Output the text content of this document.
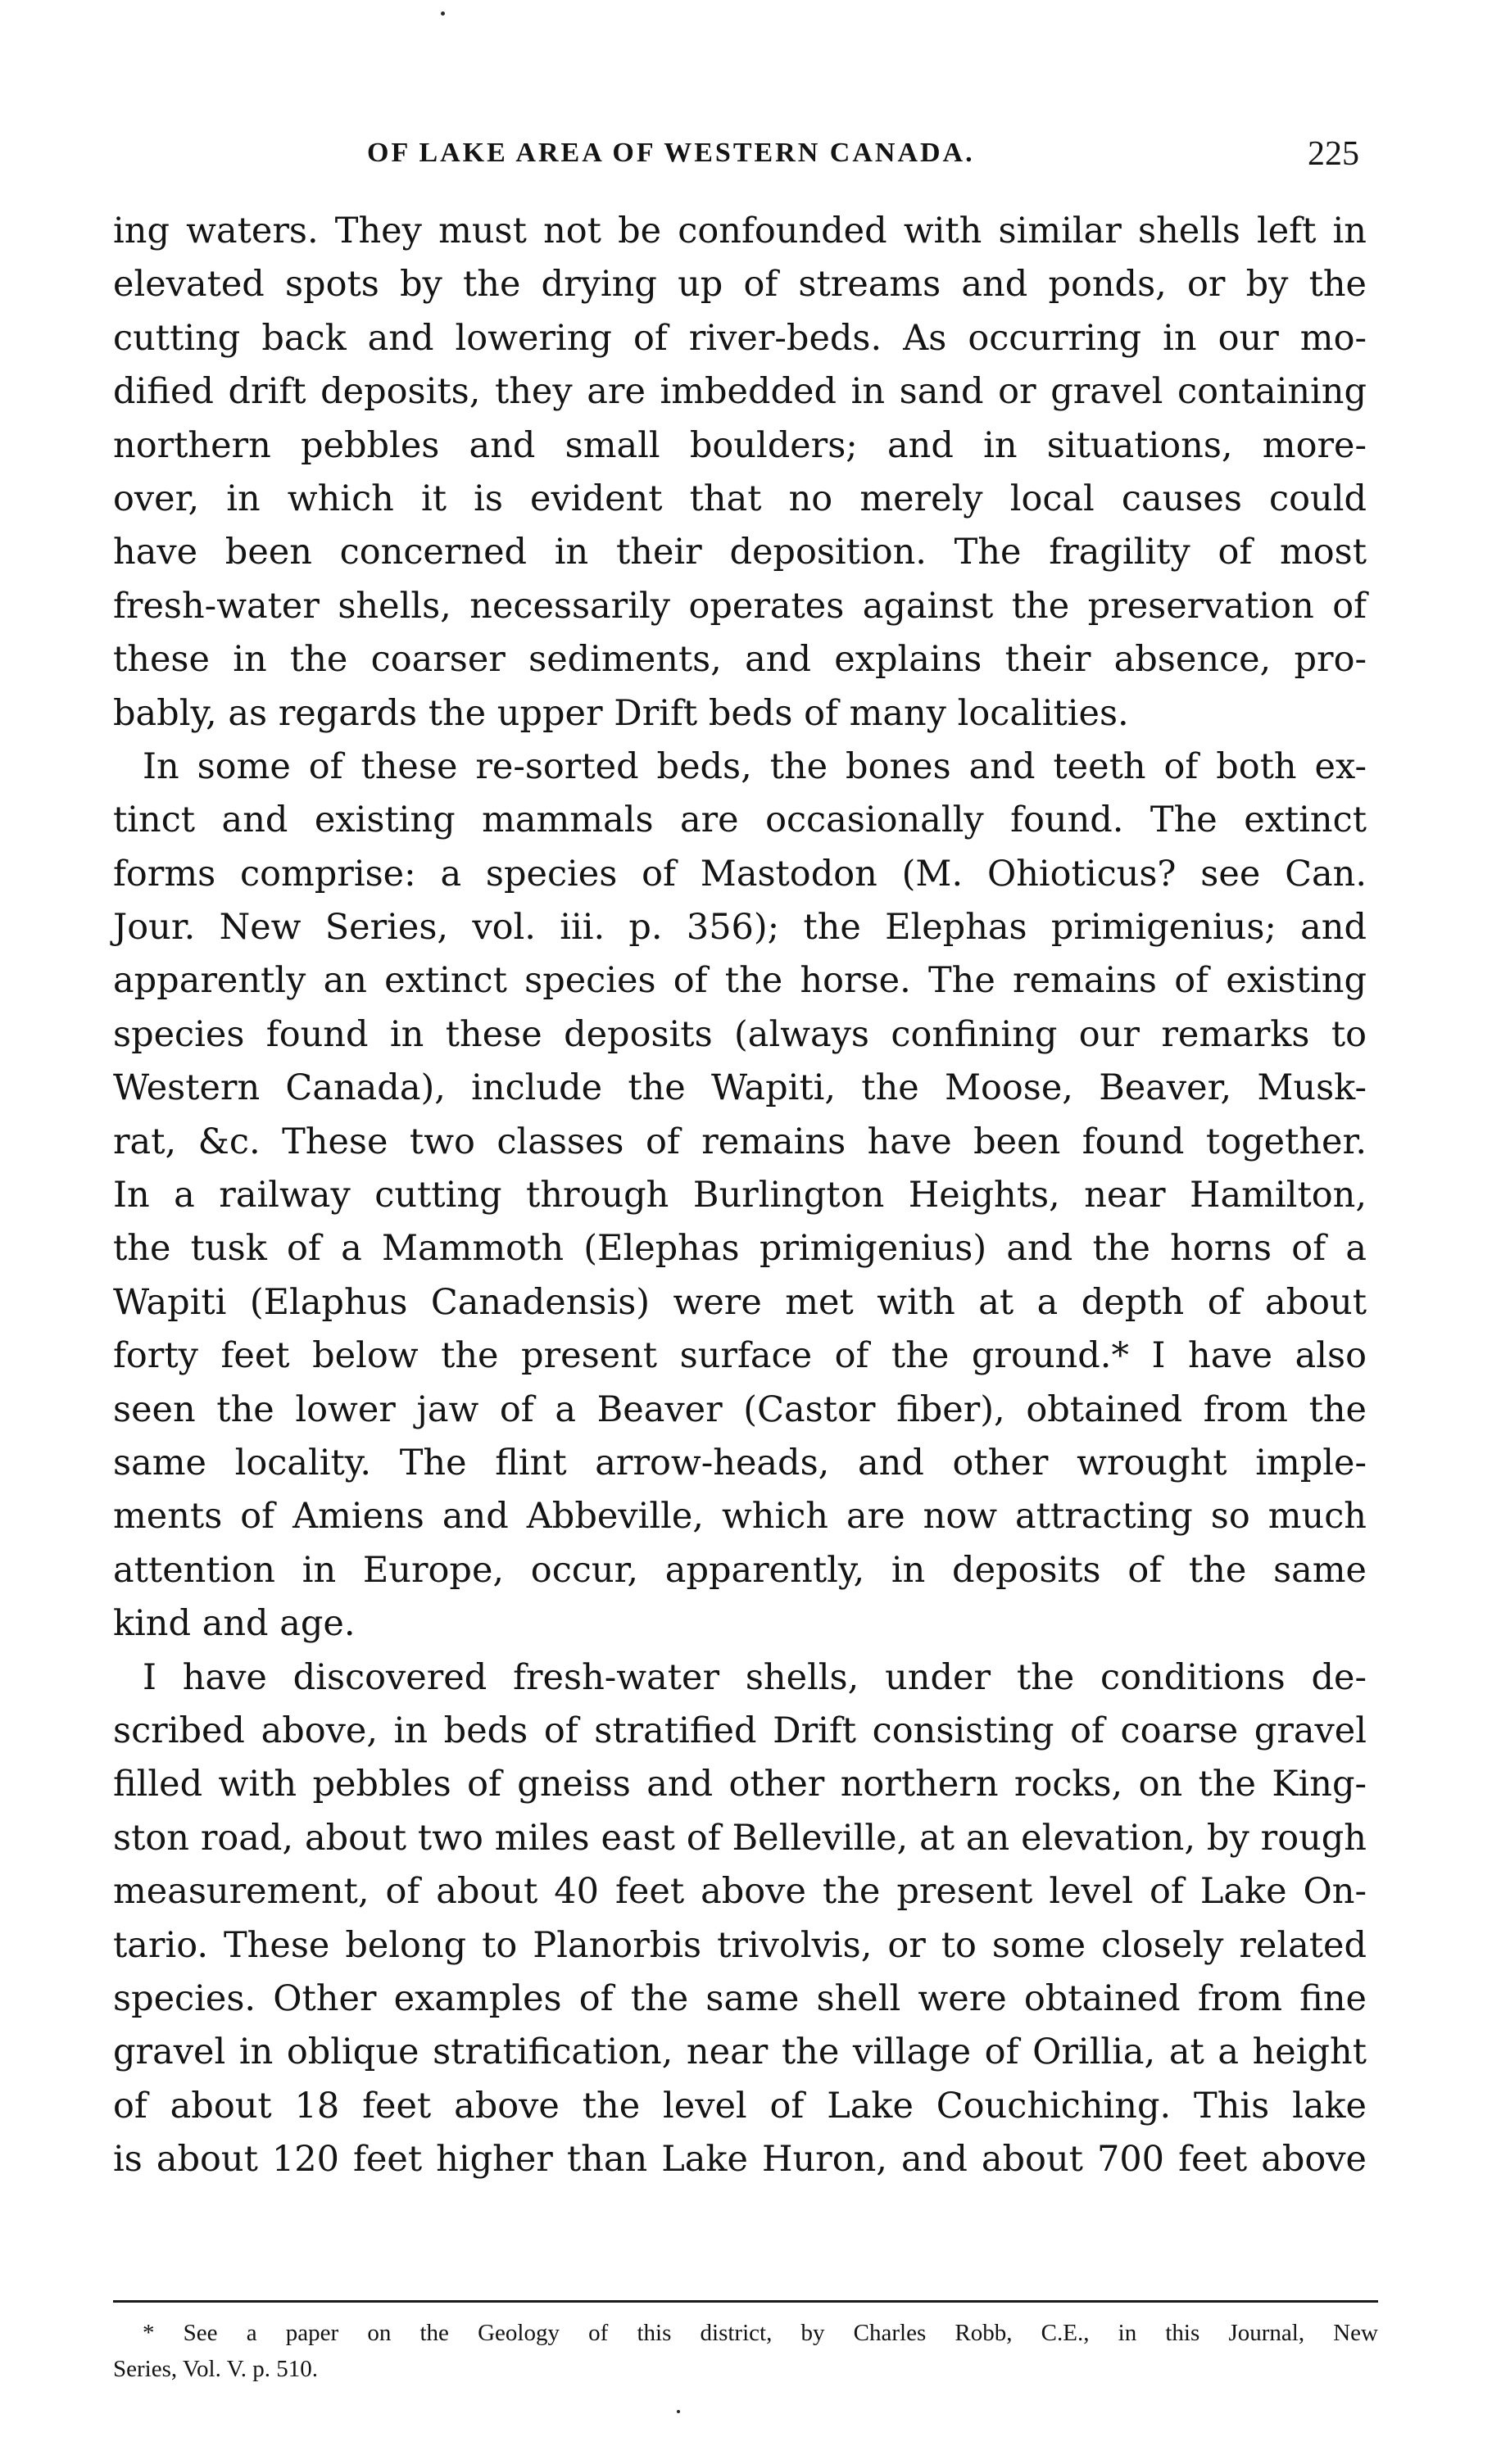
OF LAKE AREA OF WESTERN CANADA.	225
ing waters. They must not be confounded with similar shells left in
elevated spots by the drying up of streams and ponds, or by the
cutting back and lowering of river-beds. As occurring in our mo-
dified drift deposits, they are imbedded in sand or gravel containing
northern pebbles and small boulders; and in situations, more-
over, in which it is evident that no merely local causes could
have been concerned in their deposition. The fragility of most
fresh-water shells, necessarily operates against the preservation of
these in the coarser sediments, and explains their absence, pro-
bably, as regards the upper Drift beds of many localities.
In some of these re-sorted beds, the bones and teeth of both ex-
tinct and existing mammals are occasionally found. The extinct
forms comprise: a species of Mastodon (M. Ohioticus? see Can.
Jour. New Series, vol. iii. p. 356); the Elephas primigenius; and
apparently an extinct species of the horse. The remains of existing
species found in these deposits (always confining our remarks to
Western Canada), include the Wapiti, the Moose, Beaver, Musk-
rat, &c. These two classes of remains have been found together.
In a railway cutting through Burlington Heights, near Hamilton,
the tusk of a Mammoth (Elephas primigenius) and the horns of a
Wapiti (Elaphus Canadensis) were met with at a depth of about
forty feet below the present surface of the ground.* I have also
seen the lower jaw of a Beaver (Castor fiber), obtained from the
same locality. The flint arrow-heads, and other wrought imple-
ments of Amiens and Abbeville, which are now attracting so much
attention in Europe, occur, apparently, in deposits of the same
kind and age.
I have discovered fresh-water shells, under the conditions de-
scribed above, in beds of stratified Drift consisting of coarse gravel
filled with pebbles of gneiss and other northern rocks, on the King-
ston road, about two miles east of Belleville, at an elevation, by rough
measurement, of about 40 feet above the present level of Lake On-
tario. These belong to Planorbis trivolvis, or to some closely related
species. Other examples of the same shell were obtained from fine
gravel in oblique stratification, near the village of Orillia, at a height
of about 18 feet above the level of Lake Couchiching. This lake
is about 120 feet higher than Lake Huron, and about 700 feet above
* See a paper on the Geology of this district, by Charles Robb, C.E., in this Journal, New
Series, Vol. V. p. 510.
